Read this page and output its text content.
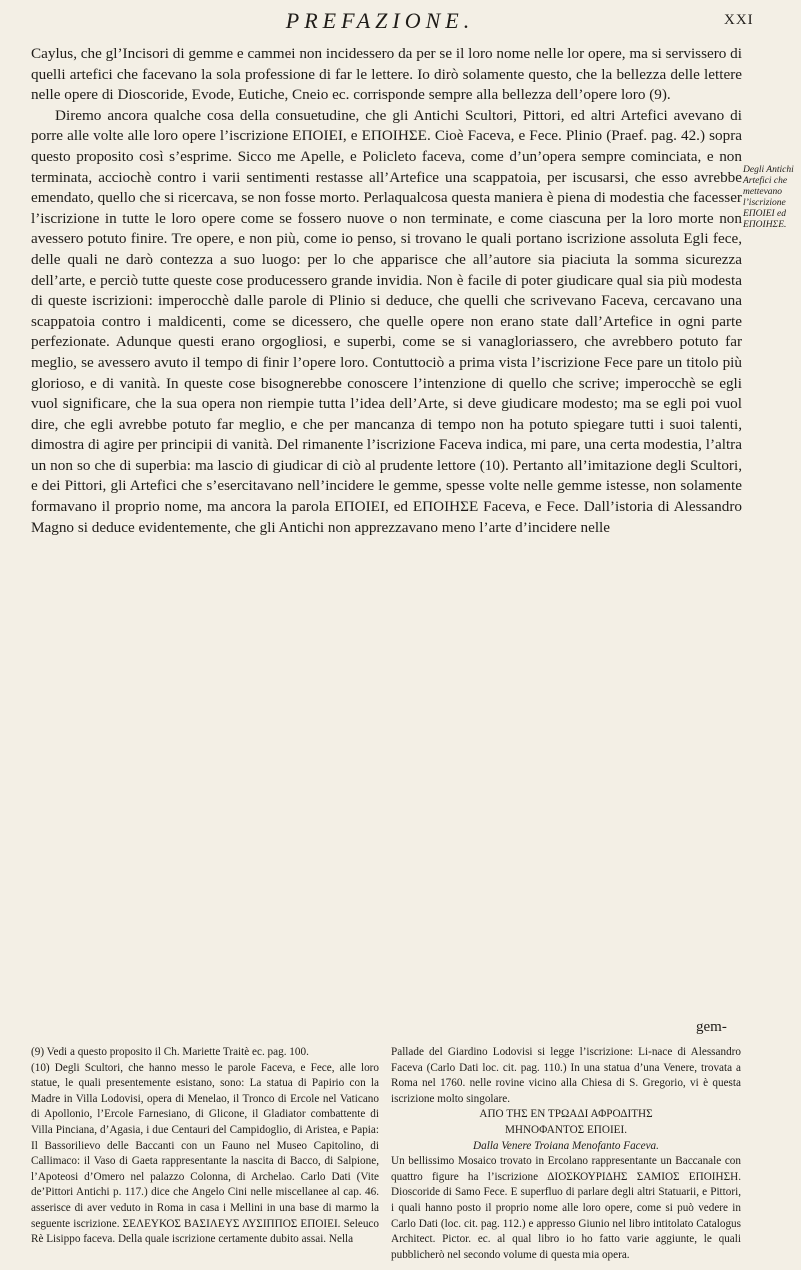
PREFAZIONE.	XXI

Caylus, che gl’Incisori di gemme e cammei non incidessero da per se il loro nome nelle lor opere, ma si servissero di quelli artefici che facevano la sola professione di far le lettere. Io dirò solamente questo, che la bellezza delle lettere nelle opere di Dioscoride, Evode, Eutiche, Cneio ec. corrisponde sempre alla bellezza dell’opere loro (9).

Diremo ancora qualche cosa della consuetudine, che gli Antichi Scultori, Pittori, ed altri Artefici avevano di porre alle volte alle loro opere l’iscrizione ΕΠΟΙΕΙ, e ΕΠΟΙΗΣΕ. Cioè Faceva, e Fece. Plinio (Praef. pag. 42.) sopra questo proposito così s’esprime. Sicco me Apelle, e Policleto faceva, come d’un’opera sempre cominciata, e non terminata, acciochè contro i varii sentimenti restasse all’Artefice una scappatoia, per iscusarsi, che esso avrebbe emendato, quello che si ricercava, se non fosse morto. Perlaqualcosa questa maniera è piena di modestia che facesser l’iscrizione in tutte le loro opere come se fossero nuove o non terminate, e come ciascuna per la loro morte non avessero potuto finire. Tre opere, e non più, come io penso, si trovano le quali portano iscrizione assoluta Egli fece, delle quali ne darò contezza a suo luogo: per lo che apparisce che all’autore sia piaciuta la somma sicurezza dell’arte, e perciò tutte queste cose producessero grande invidia. Non è facile di poter giudicare qual sia più modesta di queste iscrizioni: imperocchè dalle parole di Plinio si deduce, che quelli che scrivevano Faceva, cercavano una scappatoia contro i maldicenti, come se dicessero, che quelle opere non erano state dall’Artefice in ogni parte perfezionate. Adunque questi erano orgogliosi, e superbi, come se si vanagloriassero, che avrebbero potuto far meglio, se avessero avuto il tempo di finir l’opere loro. Contuttociò a prima vista l’iscrizione Fece pare un titolo più glorioso, e di vanità. In queste cose bisognerebbe conoscere l’intenzione di quello che scrive; imperocchè se egli vuol significare, che la sua opera non riempie tutta l’idea dell’Arte, si deve giudicare modesto; ma se egli poi vuol dire, che egli avrebbe potuto far meglio, e che per mancanza di tempo non ha potuto spiegare tutti i suoi talenti, dimostra di agire per principii di vanità. Del rimanente l’iscrizione Faceva indica, mi pare, una certa modestia, l’altra un non so che di superbia: ma lascio di giudicar di ciò al prudente lettore (10). Pertanto all’imitazione degli Scultori, e dei Pittori, gli Artefici che s’esercitavano nell’incidere le gemme, spesse volte nelle gemme istesse, non solamente formavano il proprio nome, ma ancora la parola ΕΠΟΙΕΙ, ed ΕΠΟΙΗΣΕ Faceva, e Fece. Dall’istoria di Alessandro Magno si deduce evidentemente, che gli Antichi non apprezzavano meno l’arte d’incidere nelle

Degli Antichi Artefici che mettevano l’iscrizione ΕΠΟΙΕΙ ed ΕΠΟΙΗΣΕ.
gem-

(9) Vedi a questo proposito il Ch. Mariette Traitè ec. pag. 100.

(10) Degli Scultori, che hanno messo le parole Faceva, e Fece, alle loro statue, le quali presentemente esistano, sono: La statua di Papirio con la Madre in Villa Lodovisi, opera di Menelao, il Tronco di Ercole nel Vaticano di Apollonio, l’Ercole Farnesiano, di Glicone, il Gladiator combattente di Villa Pinciana, d’Agasia, i due Centauri del Campidoglio, di Aristea, e Papia: Il Bassorilievo delle Baccanti con un Fauno nel Museo Capitolino, di Callimaco: il Vaso di Gaeta rappresentante la nascita di Bacco, di Salpione, l’Apoteosi d’Omero nel palazzo Colonna, di Archelao. Carlo Dati (Vite de’Pittori Antichi p. 117.) dice che Angelo Cini nelle miscellanee al cap. 46. asserisce di aver veduto in Roma in casa i Mellini in una base di marmo la seguente iscrizione. ΣΕΛΕΥΚΟΣ ΒΑΣΙΛΕΥΣ ΛΥΣΙΠΠΟΣ ΕΠΟΙΕΙ. Seleuco Rè Lisippo faceva. Della quale iscrizione certamente dubito assai. Nella

Pallade del Giardino Lodovisi si legge l’iscrizione: Li-nace di Alessandro Faceva (Carlo Dati loc. cit. pag. 110.) In una statua d’una Venere, trovata a Roma nel 1760. nelle rovine vicino alla Chiesa di S. Gregorio, vi è questa iscrizione molto singolare.

ΑΠΟ ΤΗΣ ΕΝ ΤΡΩΑΔΙ ΑΦΡΟΔΙΤΗΣ
ΜΗΝΟΦΑΝΤΟΣ ΕΠΟΙΕΙ.
Dalla Venere Troiana Menofanto Faceva.

Un bellissimo Mosaico trovato in Ercolano rappresentante un Baccanale con quattro figure ha l’iscrizione ΔΙΟΣΚΟΥΡΙΔΗΣ ΣΑΜΙΟΣ ΕΠΟΙΗΣΗ. Dioscoride di Samo Fece. E superfluo di parlare degli altri Statuarii, e Pittori, i quali hanno posto il proprio nome alle loro opere, come si può vedere in Carlo Dati (loc. cit. pag. 112.) e appresso Giunio nel libro intitolato Catalogus Architect. Pictor. ec. al qual libro io ho fatto varie aggiunte, le quali pubblicherò nel secondo volume di questa mia opera.
